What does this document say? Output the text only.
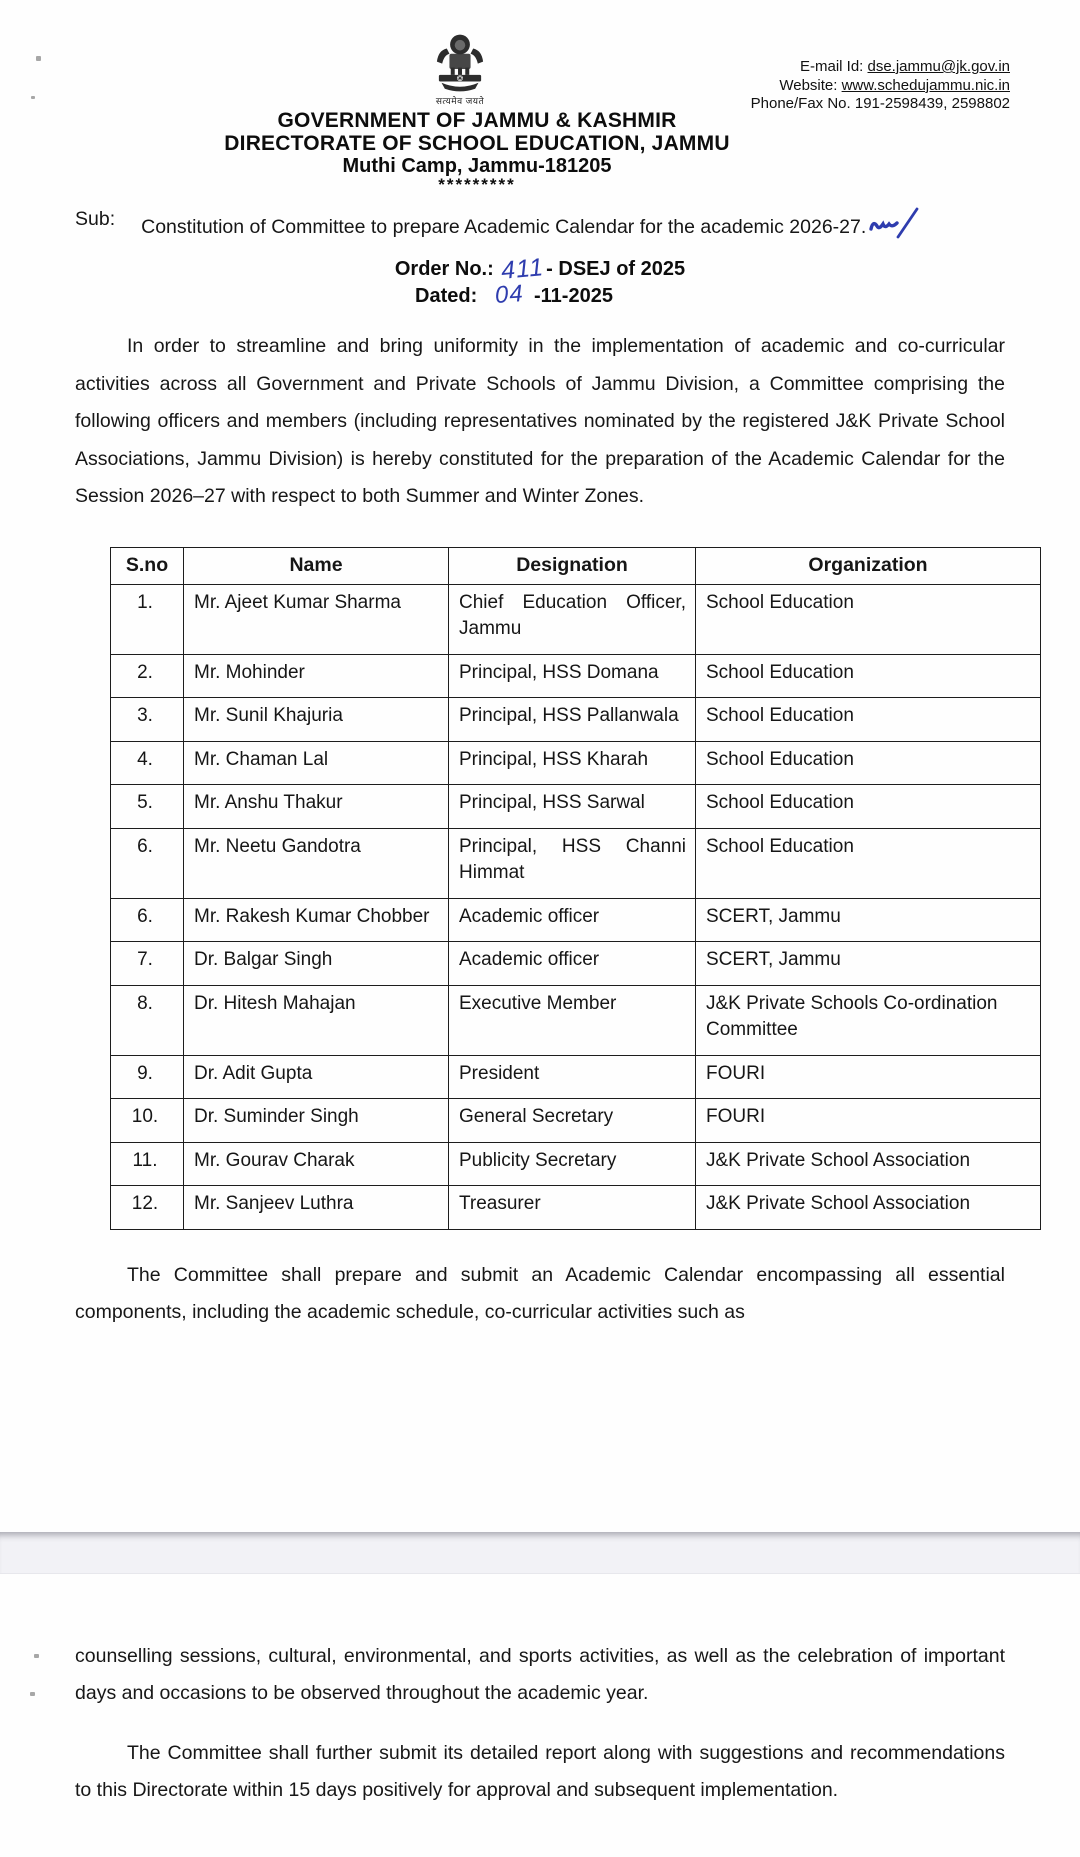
सत्यमेव जयते
E-mail Id: dse.jammu@jk.gov.in
Website: www.schedujammu.nic.in
Phone/Fax No. 191-2598439, 2598802
GOVERNMENT OF JAMMU & KASHMIR
DIRECTORATE OF SCHOOL EDUCATION, JAMMU
Muthi Camp, Jammu-181205
*********
Sub: Constitution of Committee to prepare Academic Calendar for the academic 2026-27.
Order No.: 411- DSEJ of 2025
Dated: 04 -11-2025

In order to streamline and bring uniformity in the implementation of academic and co-curricular activities across all Government and Private Schools of Jammu Division, a Committee comprising the following officers and members (including representatives nominated by the registered J&K Private School Associations, Jammu Division) is hereby constituted for the preparation of the Academic Calendar for the Session 2026–27 with respect to both Summer and Winter Zones.

S.no	Name	Designation	Organization
1.	Mr. Ajeet Kumar Sharma	Chief Education Officer, Jammu	School Education
2.	Mr. Mohinder	Principal, HSS Domana	School Education
3.	Mr. Sunil Khajuria	Principal, HSS Pallanwala	School Education
4.	Mr. Chaman Lal	Principal, HSS Kharah	School Education
5.	Mr. Anshu Thakur	Principal, HSS Sarwal	School Education
6.	Mr. Neetu Gandotra	Principal, HSS Channi Himmat	School Education
6.	Mr. Rakesh Kumar Chobber	Academic officer	SCERT, Jammu
7.	Dr. Balgar Singh	Academic officer	SCERT, Jammu
8.	Dr. Hitesh Mahajan	Executive Member	J&K Private Schools Co-ordination Committee
9.	Dr. Adit Gupta	President	FOURI
10.	Dr. Suminder Singh	General Secretary	FOURI
11.	Mr. Gourav Charak	Publicity Secretary	J&K Private School Association
12.	Mr. Sanjeev Luthra	Treasurer	J&K Private School Association

The Committee shall prepare and submit an Academic Calendar encompassing all essential components, including the academic schedule, co-curricular activities such as

counselling sessions, cultural, environmental, and sports activities, as well as the celebration of important days and occasions to be observed throughout the academic year.

The Committee shall further submit its detailed report along with suggestions and recommendations to this Directorate within 15 days positively for approval and subsequent implementation.
